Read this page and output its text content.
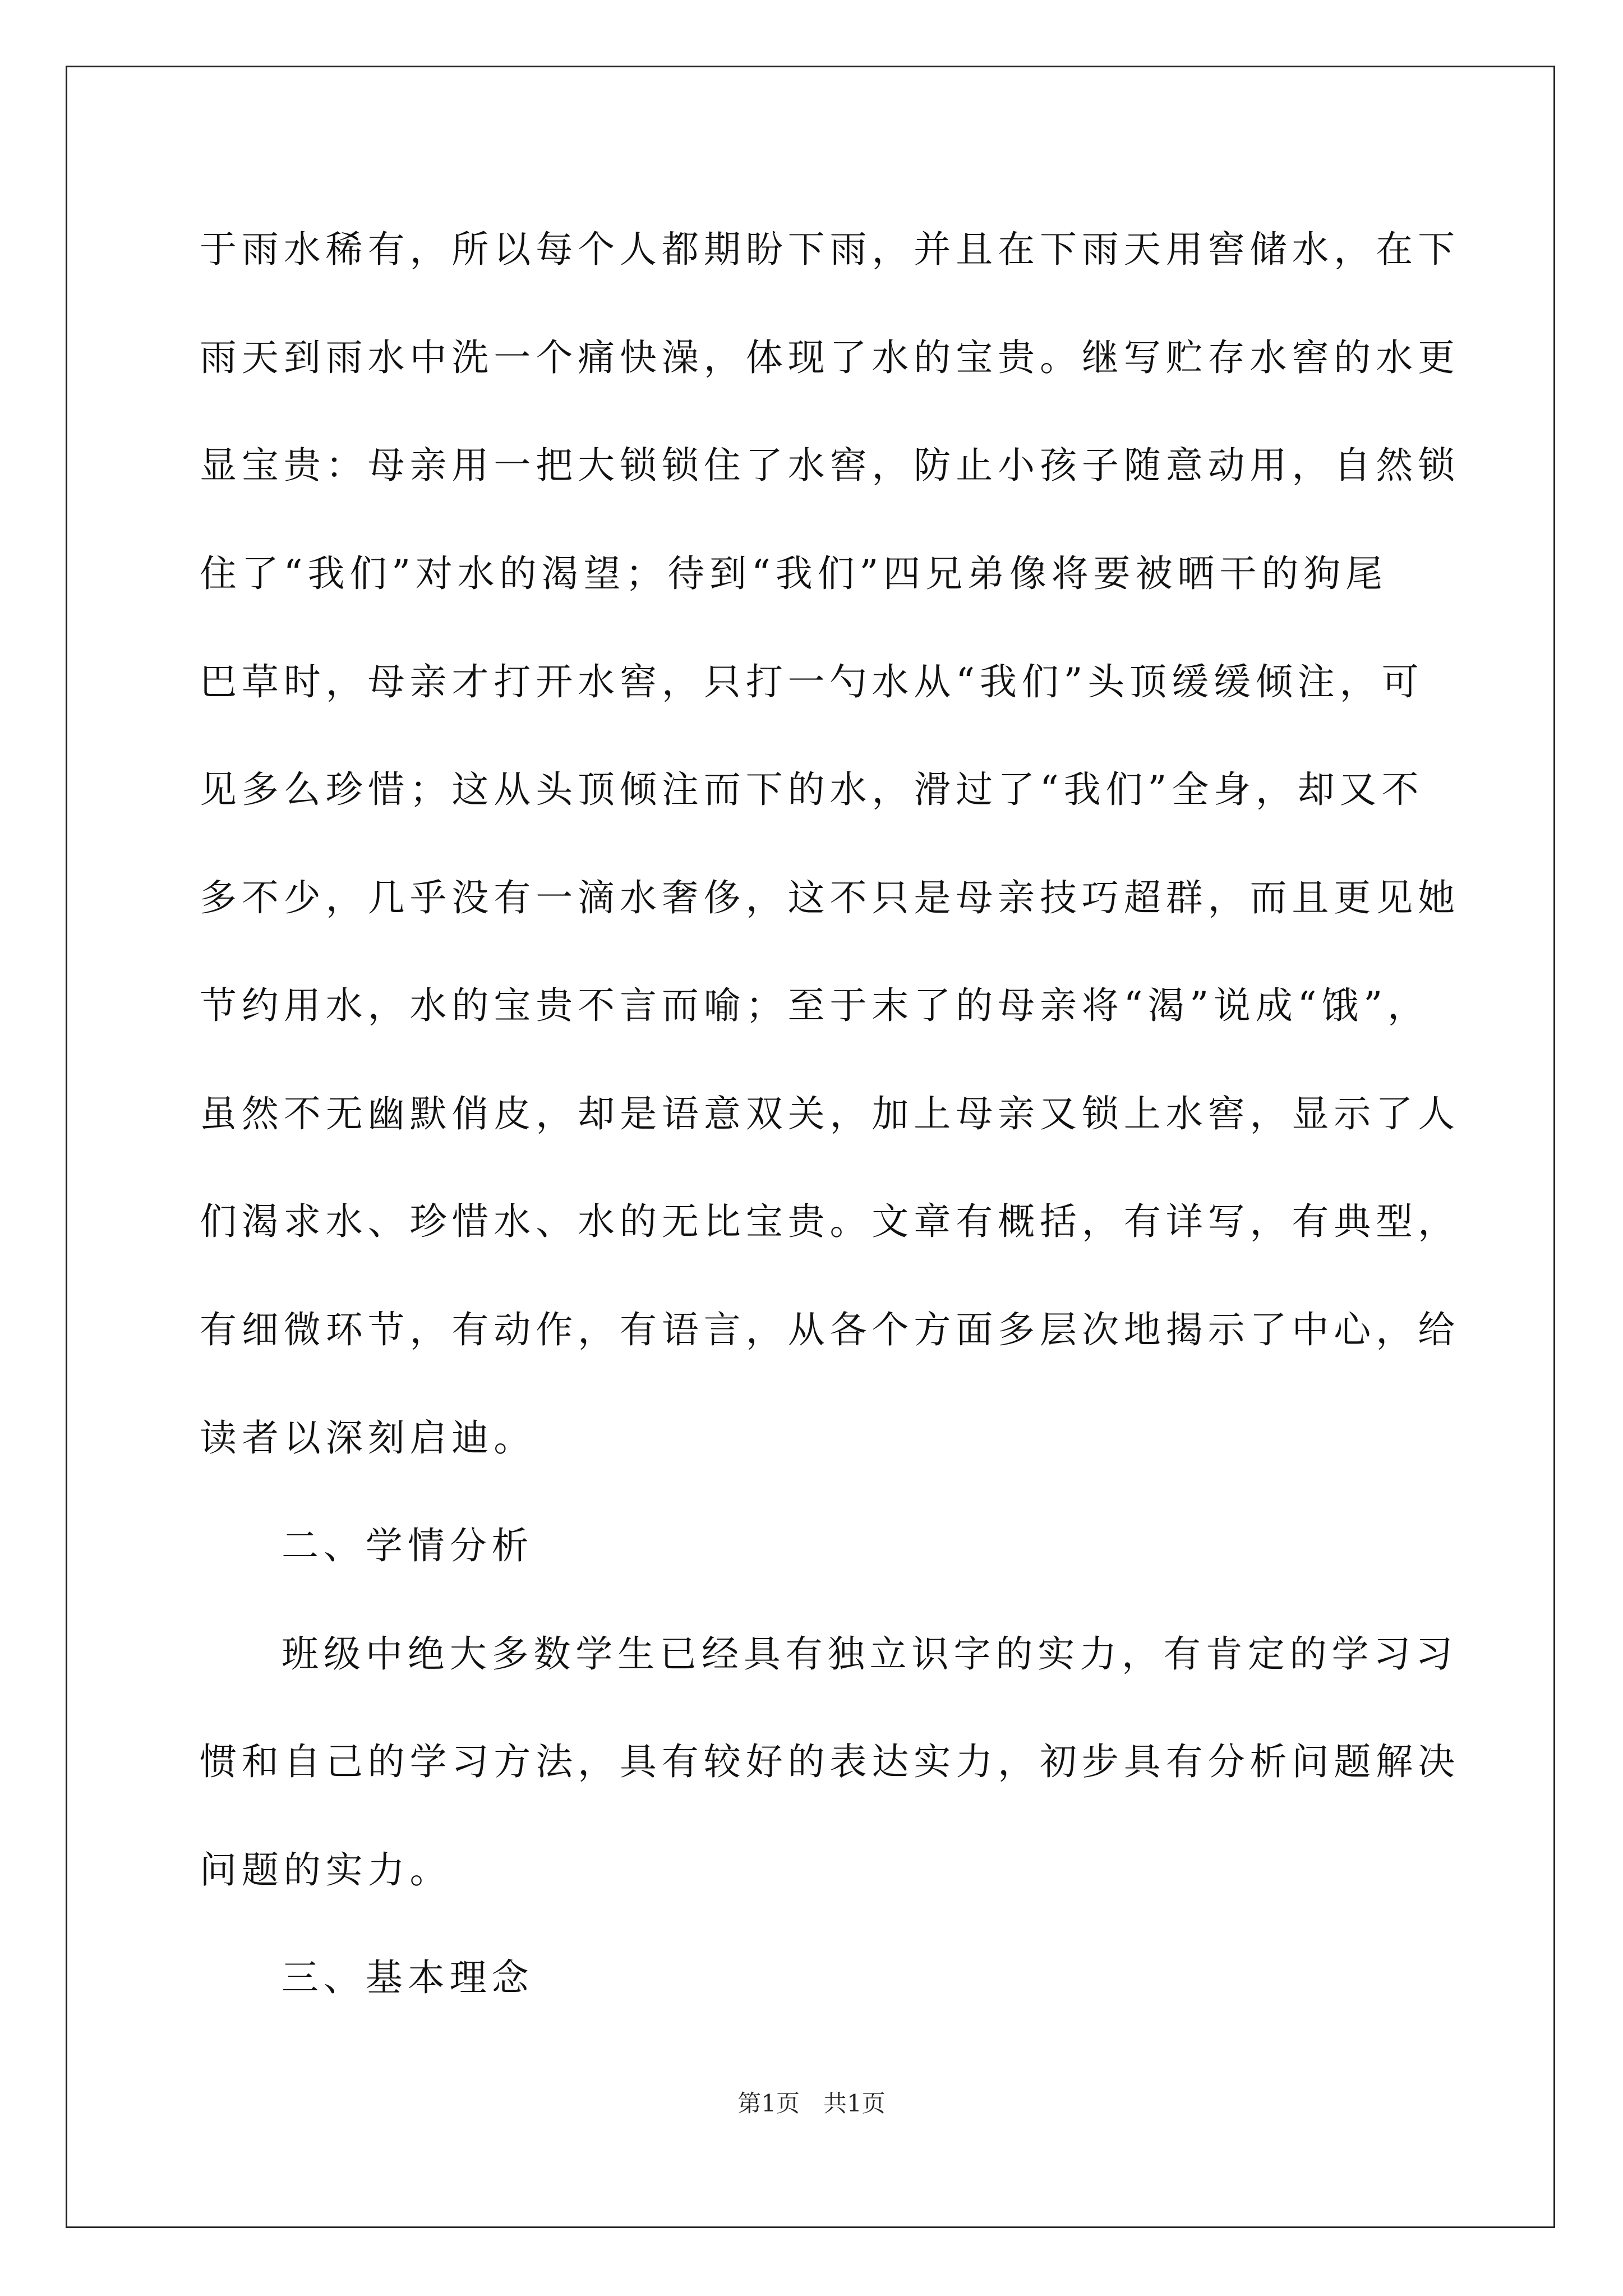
于雨水稀有，所以每个人都期盼下雨，并且在下雨天用窖储水，在下
雨天到雨水中洗一个痛快澡，体现了水的宝贵。继写贮存水窖的水更
显宝贵：母亲用一把大锁锁住了水窖，防止小孩子随意动用，自然锁
住了“我们”对水的渴望；待到“我们”四兄弟像将要被晒干的狗尾
巴草时，母亲才打开水窖，只打一勺水从“我们”头顶缓缓倾注，可
见多么珍惜；这从头顶倾注而下的水，滑过了“我们”全身，却又不
多不少，几乎没有一滴水奢侈，这不只是母亲技巧超群，而且更见她
节约用水，水的宝贵不言而喻；至于末了的母亲将“渴”说成“饿”，
虽然不无幽默俏皮，却是语意双关，加上母亲又锁上水窖，显示了人
们渴求水、珍惜水、水的无比宝贵。文章有概括，有详写，有典型，
有细微环节，有动作，有语言，从各个方面多层次地揭示了中心，给
读者以深刻启迪。
二、学情分析
班级中绝大多数学生已经具有独立识字的实力，有肯定的学习习
惯和自己的学习方法，具有较好的表达实力，初步具有分析问题解决
问题的实力。
三、基本理念
第1页　共1页
